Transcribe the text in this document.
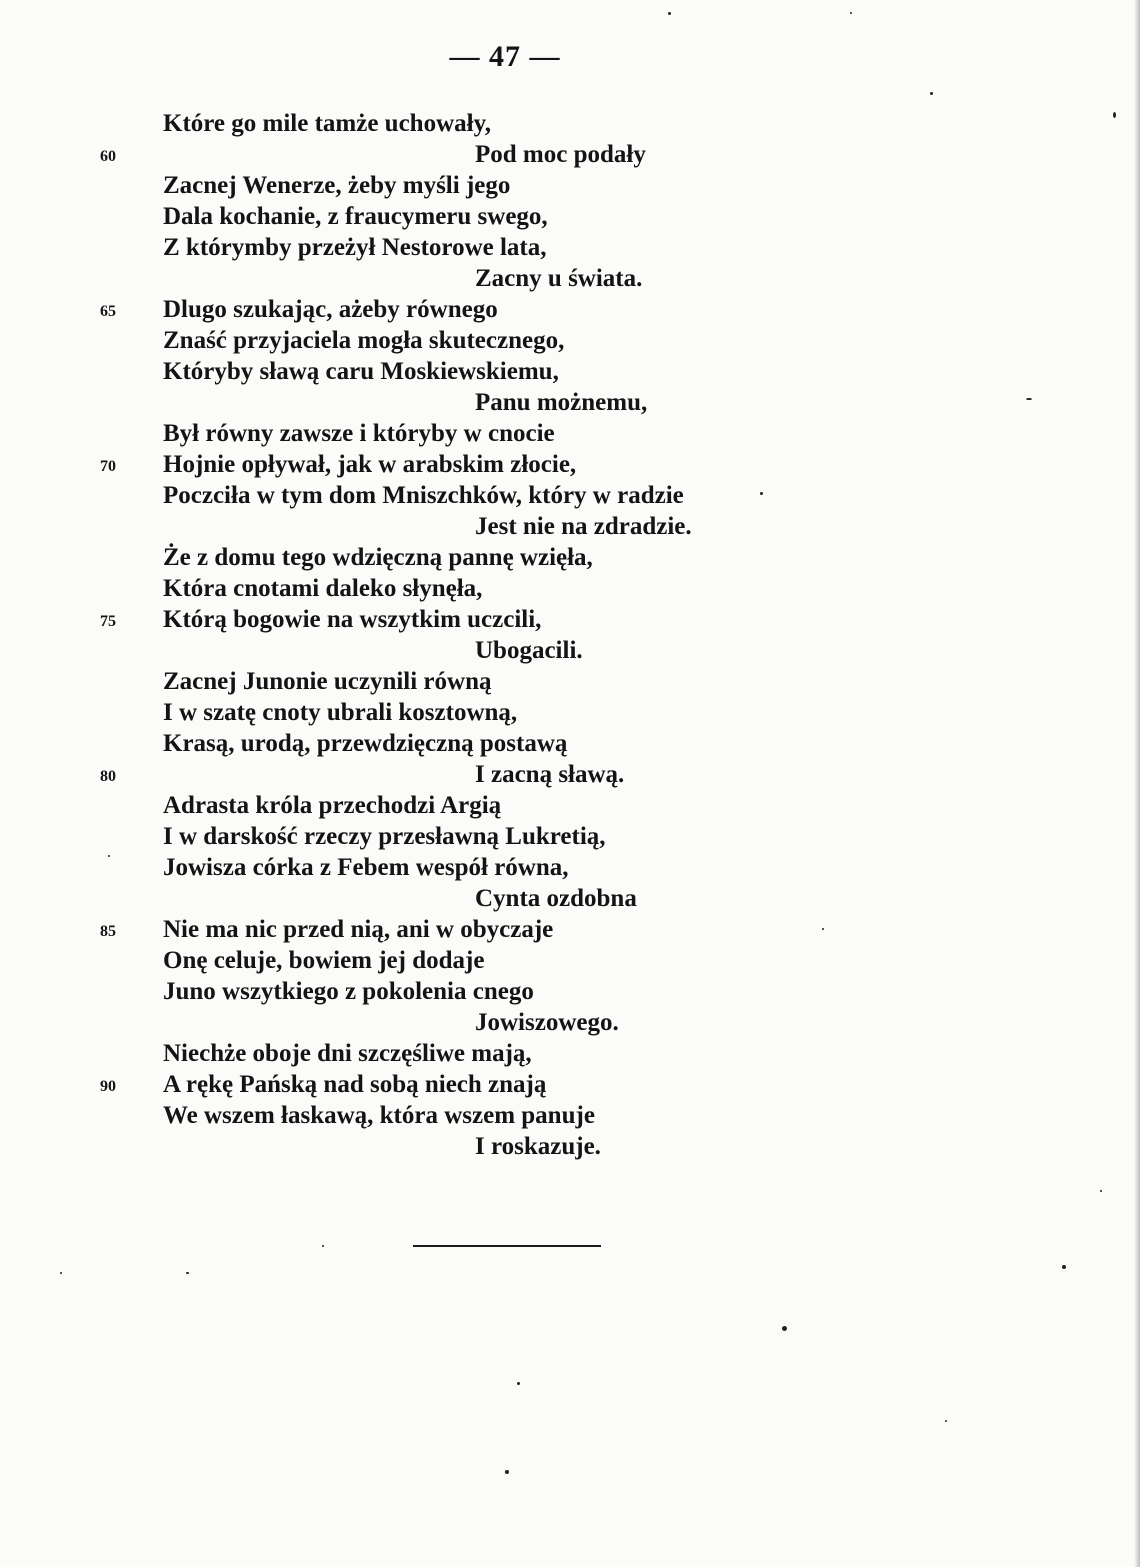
— 47 —
Które go mile tamże uchowały,
60	Pod moc podały
Zacnej Wenerze, żeby myśli jego
Dala kochanie, z fraucymeru swego,
Z którymby przeżył Nestorowe lata,
Zacny u świata.
65 Dlugo szukając, ażeby równego
Znaść przyjaciela mogła skutecznego,
Któryby sławą caru Moskiewskiemu,
Panu możnemu,
Był równy zawsze i któryby w cnocie
70 Hojnie opływał, jak w arabskim złocie,
Poczciła w tym dom Mniszchków, który w radzie
Jest nie na zdradzie.
Że z domu tego wdzięczną pannę wzięła,
Która cnotami daleko słynęła,
75 Którą bogowie na wszytkim uczcili,
Ubogacili.
Zacnej Junonie uczynili równą
I w szatę cnoty ubrali kosztowną,
Krasą, urodą, przewdzięczną postawą
80	I zacną sławą.
Adrasta króla przechodzi Argią
I w darskość rzeczy przesławną Lukretią,
Jowisza córka z Febem wespół równa,
Cynta ozdobna
85 Nie ma nic przed nią, ani w obyczaje
Onę celuje, bowiem jej dodaje
Juno wszytkiego z pokolenia cnego
Jowiszowego.
Niechże oboje dni szczęśliwe mają,
90 A rękę Pańską nad sobą niech znają
We wszem łaskawą, która wszem panuje
I roskazuje.
